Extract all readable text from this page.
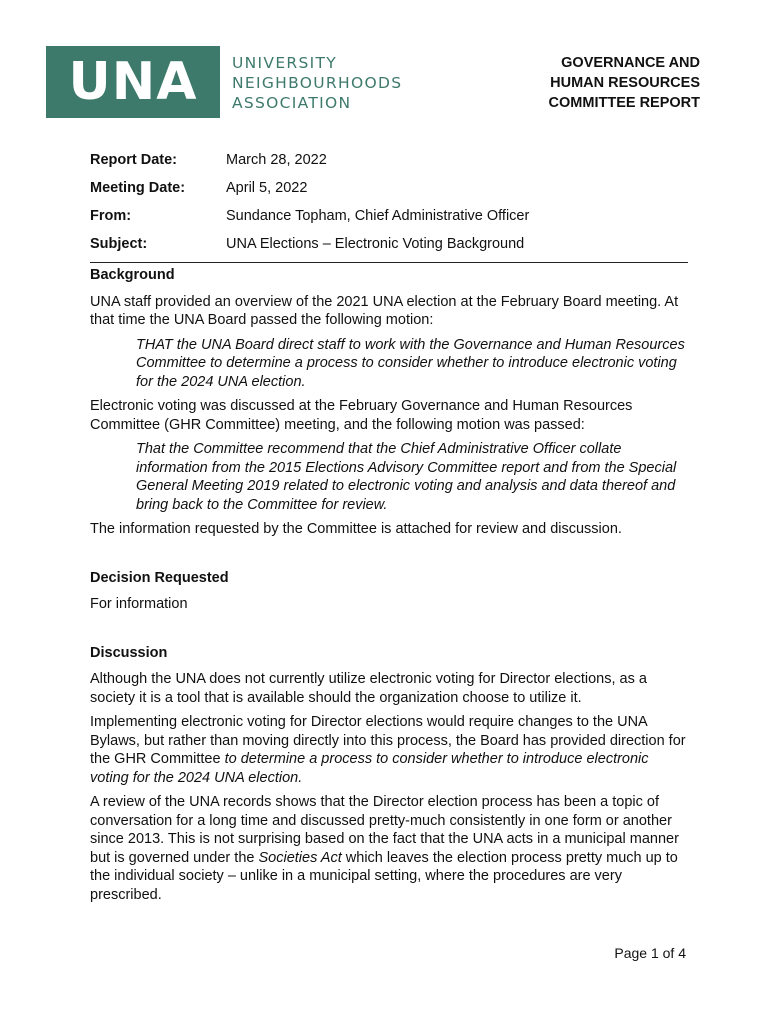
UNA UNIVERSITY
NEIGHBOURHOODS
ASSOCIATION
GOVERNANCE AND
HUMAN RESOURCES
COMMITTEE REPORT
Report Date:	March 28, 2022
Meeting Date:	April 5, 2022
From:	Sundance Topham, Chief Administrative Officer
Subject:	UNA Elections – Electronic Voting Background
Background

UNA staff provided an overview of the 2021 UNA election at the February Board meeting. At that time the UNA Board passed the following motion:

THAT the UNA Board direct staff to work with the Governance and Human Resources Committee to determine a process to consider whether to introduce electronic voting for the 2024 UNA election.

Electronic voting was discussed at the February Governance and Human Resources Committee (GHR Committee) meeting, and the following motion was passed:

That the Committee recommend that the Chief Administrative Officer collate information from the 2015 Elections Advisory Committee report and from the Special General Meeting 2019 related to electronic voting and analysis and data thereof and bring back to the Committee for review.

The information requested by the Committee is attached for review and discussion.

Decision Requested

For information

Discussion

Although the UNA does not currently utilize electronic voting for Director elections, as a society it is a tool that is available should the organization choose to utilize it.

Implementing electronic voting for Director elections would require changes to the UNA Bylaws, but rather than moving directly into this process, the Board has provided direction for the GHR Committee to determine a process to consider whether to introduce electronic voting for the 2024 UNA election.

A review of the UNA records shows that the Director election process has been a topic of conversation for a long time and discussed pretty-much consistently in one form or another since 2013. This is not surprising based on the fact that the UNA acts in a municipal manner but is governed under the Societies Act which leaves the election process pretty much up to the individual society – unlike in a municipal setting, where the procedures are very prescribed.

Page 1 of 4
